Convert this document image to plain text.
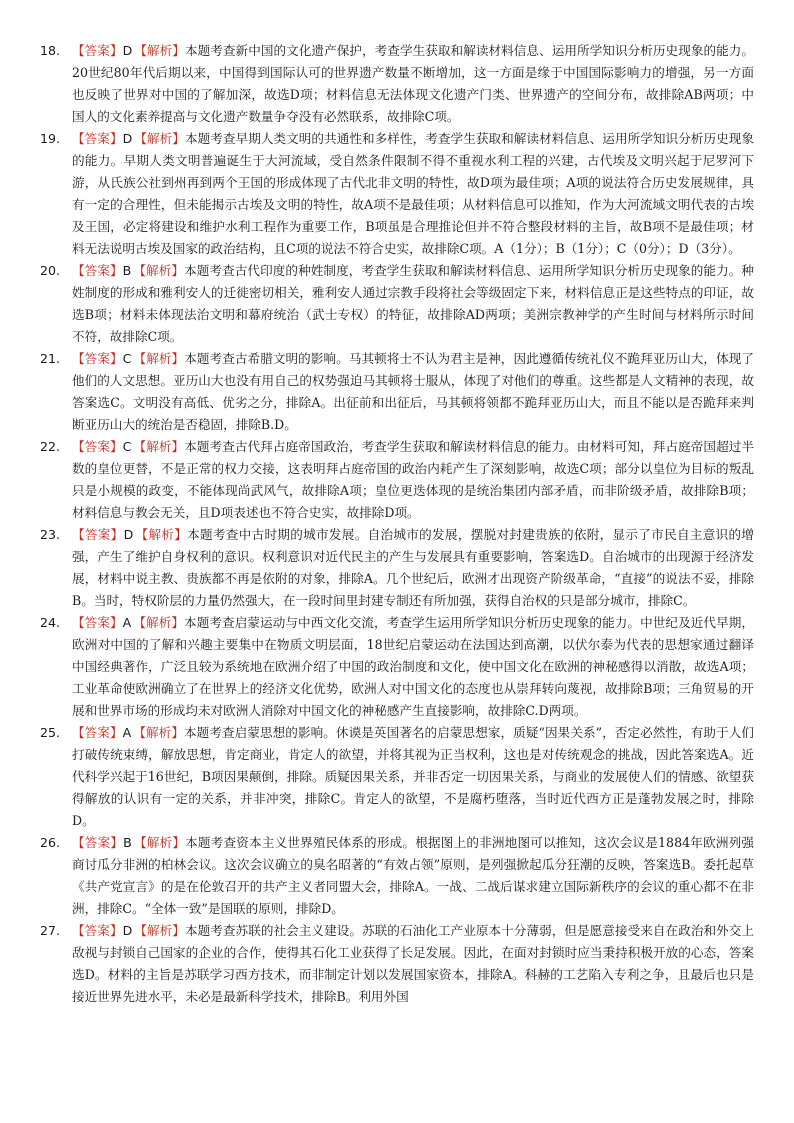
18. 【答案】D 【解析】本题考查新中国的文化遗产保护，考查学生获取和解读材料信息、运用所学知识分析历史现象的能力。20世纪80年代后期以来，中国得到国际认可的世界遗产数量不断增加，这一方面是缘于中国国际影响力的增强，另一方面也反映了世界对中国的了解加深，故选D项；材料信息无法体现文化遗产门类、世界遗产的空间分布，故排除AB两项；中国人的文化素养提高与文化遗产数量争夺没有必然联系，故排除C项。
19. 【答案】D 【解析】本题考查早期人类文明的共通性和多样性，考查学生获取和解读材料信息、运用所学知识分析历史现象的能力。早期人类文明普遍诞生于大河流域，受自然条件限制不得不重视水利工程的兴建，古代埃及文明兴起于尼罗河下游，从氏族公社到州再到两个王国的形成体现了古代北非文明的特性，故D项为最佳项；A项的说法符合历史发展规律，具有一定的合理性，但未能揭示古埃及文明的特性，故A项不是最佳项；从材料信息可以推知，作为大河流域文明代表的古埃及王国，必定将建设和维护水利工程作为重要工作，B项虽是合理推论但并不符合整段材料的主旨，故B项不是最佳项；材料无法说明古埃及国家的政治结构，且C项的说法不符合史实，故排除C项。A（1分）；B（1分）；C（0分）；D（3分）。
20. 【答案】B 【解析】本题考查古代印度的种姓制度，考查学生获取和解读材料信息、运用所学知识分析历史现象的能力。种姓制度的形成和雅利安人的迁徙密切相关，雅利安人通过宗教手段将社会等级固定下来，材料信息正是这些特点的印证，故选B项；材料未体现法治文明和幕府统治（武士专权）的特征，故排除AD两项；美洲宗教神学的产生时间与材料所示时间不符，故排除C项。
21. 【答案】C 【解析】本题考查古希腊文明的影响。马其顿将士不认为君主是神，因此遵循传统礼仪不跪拜亚历山大，体现了他们的人文思想。亚历山大也没有用自己的权势强迫马其顿将士服从，体现了对他们的尊重。这些都是人文精神的表现，故答案选C。文明没有高低、优劣之分，排除A。出征前和出征后，马其顿将领都不跪拜亚历山大，而且不能以是否跪拜来判断亚历山大的统治是否稳固，排除B.D。
22. 【答案】C 【解析】本题考查古代拜占庭帝国政治，考查学生获取和解读材料信息的能力。由材料可知，拜占庭帝国超过半数的皇位更替，不是正常的权力交接，这表明拜占庭帝国的政治内耗产生了深刻影响，故选C项；部分以皇位为目标的叛乱只是小规模的政变，不能体现尚武风气，故排除A项；皇位更迭体现的是统治集团内部矛盾，而非阶级矛盾，故排除B项；材料信息与教会无关，且D项表述也不符合史实，故排除D项。
23. 【答案】D 【解析】本题考查中古时期的城市发展。自治城市的发展，摆脱对封建贵族的依附，显示了市民自主意识的增强，产生了维护自身权利的意识。权利意识对近代民主的产生与发展具有重要影响，答案选D。自治城市的出现源于经济发展，材料中说主教、贵族都不再是依附的对象，排除A。几个世纪后，欧洲才出现资产阶级革命，“直接”的说法不妥，排除B。当时，特权阶层的力量仍然强大，在一段时间里封建专制还有所加强，获得自治权的只是部分城市，排除C。
24. 【答案】A 【解析】本题考查启蒙运动与中西文化交流，考查学生运用所学知识分析历史现象的能力。中世纪及近代早期，欧洲对中国的了解和兴趣主要集中在物质文明层面，18世纪启蒙运动在法国达到高潮，以伏尔泰为代表的思想家通过翻译中国经典著作，广泛且较为系统地在欧洲介绍了中国的政治制度和文化，使中国文化在欧洲的神秘感得以消散，故选A项；工业革命使欧洲确立了在世界上的经济文化优势，欧洲人对中国文化的态度也从崇拜转向蔑视，故排除B项；三角贸易的开展和世界市场的形成均未对欧洲人消除对中国文化的神秘感产生直接影响，故排除C.D两项。
25. 【答案】A 【解析】本题考查启蒙思想的影响。休谟是英国著名的启蒙思想家，质疑“因果关系”，否定必然性，有助于人们打破传统束缚，解放思想，肯定商业，肯定人的欲望，并将其视为正当权利，这也是对传统观念的挑战，因此答案选A。近代科学兴起于16世纪，B项因果颠倒，排除。质疑因果关系，并非否定一切因果关系，与商业的发展使人们的情感、欲望获得解放的认识有一定的关系，并非冲突，排除C。肯定人的欲望，不是腐朽堕落，当时近代西方正是蓬勃发展之时，排除D。
26. 【答案】B 【解析】本题考查资本主义世界殖民体系的形成。根据图上的非洲地图可以推知，这次会议是1884年欧洲列强商讨瓜分非洲的柏林会议。这次会议确立的臭名昭著的“有效占领”原则，是列强掀起瓜分狂潮的反映，答案选B。委托起草《共产党宣言》的是在伦敦召开的共产主义者同盟大会，排除A。一战、二战后谋求建立国际新秩序的会议的重心都不在非洲，排除C。“全体一致”是国联的原则，排除D。
27. 【答案】D 【解析】本题考查苏联的社会主义建设。苏联的石油化工产业原本十分薄弱，但是愿意接受来自在政治和外交上敌视与封锁自己国家的企业的合作，使得其石化工业获得了长足发展。因此，在面对封锁时应当秉持积极开放的心态，答案选D。材料的主旨是苏联学习西方技术，而非制定计划以发展国家资本，排除A。科赫的工艺陷入专利之争，且最后也只是接近世界先进水平，未必是最新科学技术，排除B。利用外国
